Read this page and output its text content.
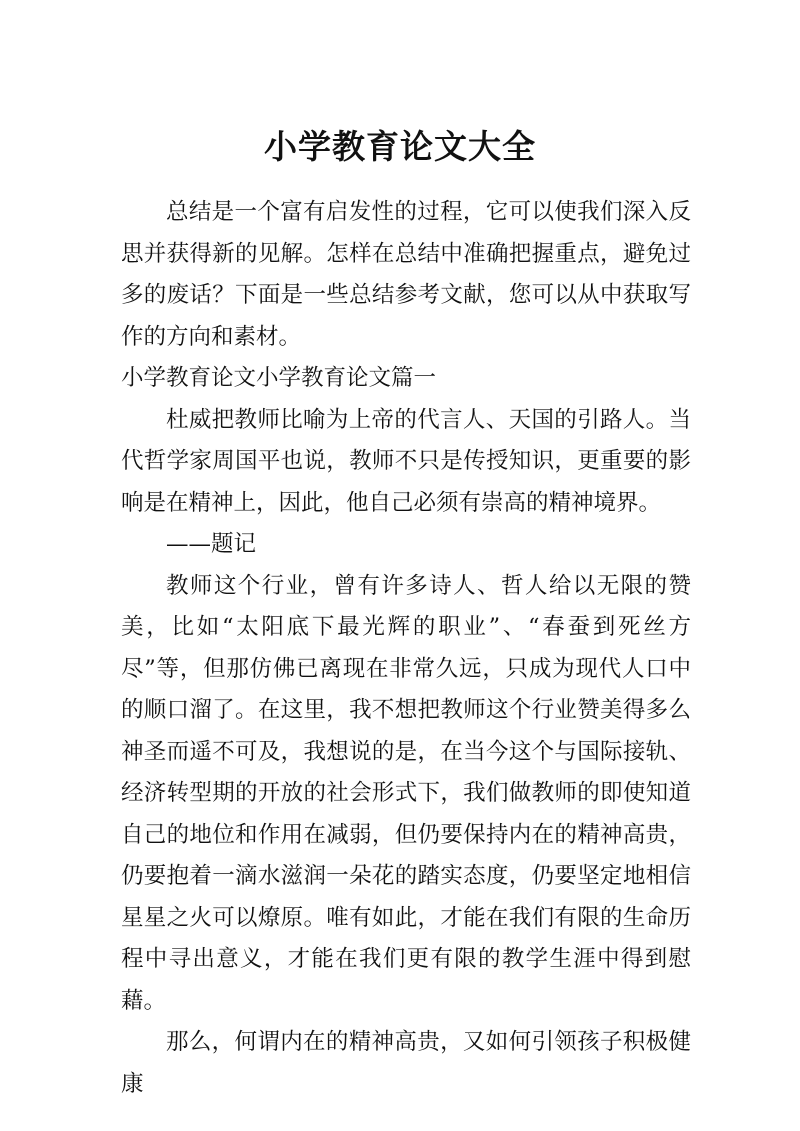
小学教育论文大全

总结是一个富有启发性的过程，它可以使我们深入反思并获得新的见解。怎样在总结中准确把握重点，避免过多的废话？下面是一些总结参考文献，您可以从中获取写作的方向和素材。

小学教育论文小学教育论文篇一

杜威把教师比喻为上帝的代言人、天国的引路人。当代哲学家周国平也说，教师不只是传授知识，更重要的影响是在精神上，因此，他自己必须有崇高的精神境界。

——题记

教师这个行业，曾有许多诗人、哲人给以无限的赞美，比如“太阳底下最光辉的职业”、“春蚕到死丝方尽”等，但那仿佛已离现在非常久远，只成为现代人口中的顺口溜了。在这里，我不想把教师这个行业赞美得多么神圣而遥不可及，我想说的是，在当今这个与国际接轨、经济转型期的开放的社会形式下，我们做教师的即使知道自己的地位和作用在减弱，但仍要保持内在的精神高贵，仍要抱着一滴水滋润一朵花的踏实态度，仍要坚定地相信星星之火可以燎原。唯有如此，才能在我们有限的生命历程中寻出意义，才能在我们更有限的教学生涯中得到慰藉。

那么，何谓内在的精神高贵，又如何引领孩子积极健康
